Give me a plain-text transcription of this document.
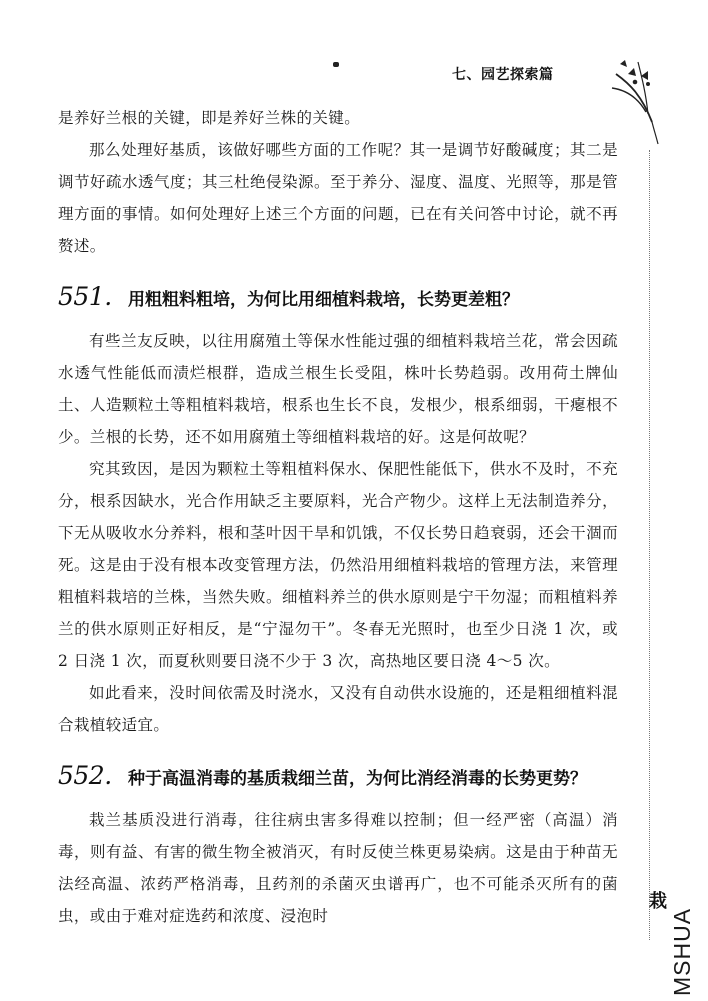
七、园艺探索篇
栽
MSHUA

是养好兰根的关键，即是养好兰株的关键。

那么处理好基质，该做好哪些方面的工作呢？其一是调节好酸碱度；其二是调节好疏水透气度；其三杜绝侵染源。至于养分、湿度、温度、光照等，那是管理方面的事情。如何处理好上述三个方面的问题，已在有关问答中讨论，就不再赘述。

551. 用粗粗料粗培，为何比用细植料栽培，长势更差粗？

有些兰友反映，以往用腐殖土等保水性能过强的细植料栽培兰花，常会因疏水透气性能低而渍烂根群，造成兰根生长受阻，株叶长势趋弱。改用荷土牌仙土、人造颗粒土等粗植料栽培，根系也生长不良，发根少，根系细弱，干瘪根不少。兰根的长势，还不如用腐殖土等细植料栽培的好。这是何故呢？

究其致因，是因为颗粒土等粗植料保水、保肥性能低下，供水不及时，不充分，根系因缺水，光合作用缺乏主要原料，光合产物少。这样上无法制造养分，下无从吸收水分养料，根和茎叶因干旱和饥饿，不仅长势日趋衰弱，还会干涸而死。这是由于没有根本改变管理方法，仍然沿用细植料栽培的管理方法，来管理粗植料栽培的兰株，当然失败。细植料养兰的供水原则是宁干勿湿；而粗植料养兰的供水原则正好相反，是“宁湿勿干”。冬春无光照时，也至少日浇 1 次，或 2 日浇 1 次，而夏秋则要日浇不少于 3 次，高热地区要日浇 4～5 次。

如此看来，没时间依需及时浇水，又没有自动供水设施的，还是粗细植料混合栽植较适宜。

552. 种于高温消毒的基质栽细兰苗，为何比消经消毒的长势更势？

栽兰基质没进行消毒，往往病虫害多得难以控制；但一经严密（高温）消毒，则有益、有害的微生物全被消灭，有时反使兰株更易染病。这是由于种苗无法经高温、浓药严格消毒，且药剂的杀菌灭虫谱再广，也不可能杀灭所有的菌虫，或由于难对症选药和浓度、浸泡时
